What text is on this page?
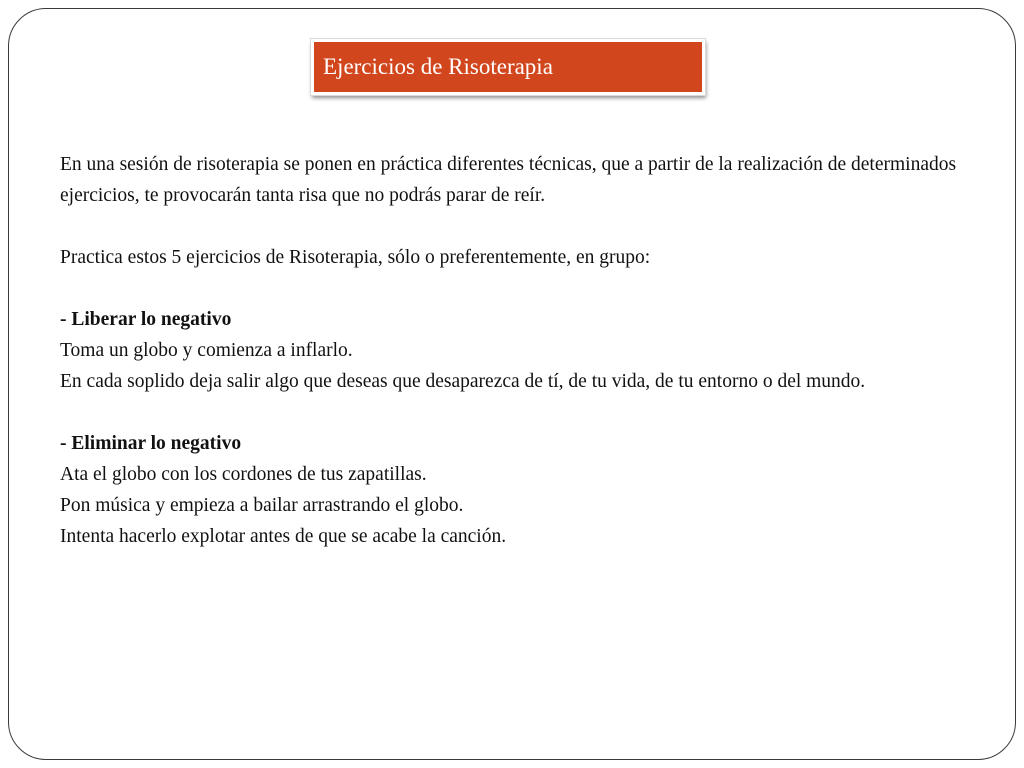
Ejercicios de Risoterapia

En una sesión de risoterapia se ponen en práctica diferentes técnicas, que a partir de la realización de determinados ejercicios, te provocarán tanta risa que no podrás parar de reír.

Practica estos 5 ejercicios de Risoterapia, sólo o preferentemente, en grupo:

- Liberar lo negativo

Toma un globo y comienza a inflarlo.

En cada soplido deja salir algo que deseas que desaparezca de tí, de tu vida, de tu entorno o del mundo.

- Eliminar lo negativo

Ata el globo con los cordones de tus zapatillas.

Pon música y empieza a bailar arrastrando el globo.

Intenta hacerlo explotar antes de que se acabe la canción.
